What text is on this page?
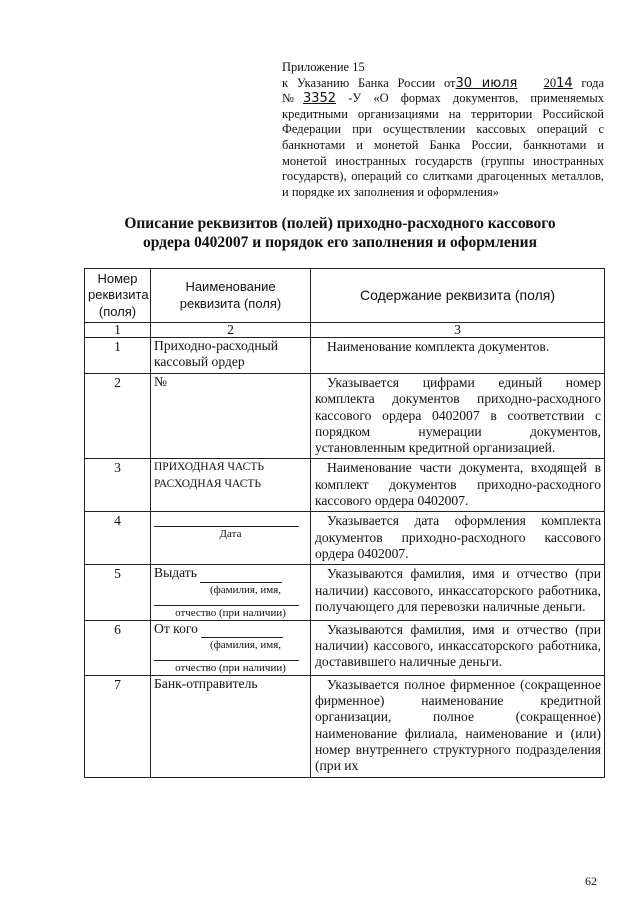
Приложение 15
к Указанию Банка России от30 июля 2014 года
№3352 -У «О формах документов, применяемых
кредитными организациями на территории Российской
Федерации при осуществлении кассовых операций с
банкнотами и монетой Банка России, банкнотами и
монетой иностранных государств (группы иностранных
государств), операций со слитками драгоценных металлов,
и порядке их заполнения и оформления»
Описание реквизитов (полей) приходно-расходного кассового
ордера 0402007 и порядок его заполнения и оформления
Номер реквизита (поля)	Наименование реквизита (поля)	Содержание реквизита (поля)
1	2	3
1	Приходно-расходный кассовый ордер	Наименование комплекта документов.
2	№	Указывается цифрами единый номер комплекта документов приходно-расходного кассового ордера 0402007 в соответствии с порядком нумерации документов, установленным кредитной организацией.
3	ПРИХОДНАЯ ЧАСТЬ
РАСХОДНАЯ ЧАСТЬ	Наименование части документа, входящей в комплект документов приходно-расходного кассового ордера 0402007.
4	Дата	Указывается дата оформления комплекта документов приходно-расходного кассового ордера 0402007.
5	Выдать
(фамилия, имя,
отчество (при наличии)	Указываются фамилия, имя и отчество (при наличии) кассового, инкассаторского работника, получающего для перевозки наличные деньги.
6	От кого
(фамилия, имя,
отчество (при наличии)	Указываются фамилия, имя и отчество (при наличии) кассового, инкассаторского работника, доставившего наличные деньги.
7	Банк-отправитель	Указывается полное фирменное (сокращенное фирменное) наименование кредитной организации, полное (сокращенное) наименование филиала, наименование и (или) номер внутреннего структурного подразделения (при их
62
